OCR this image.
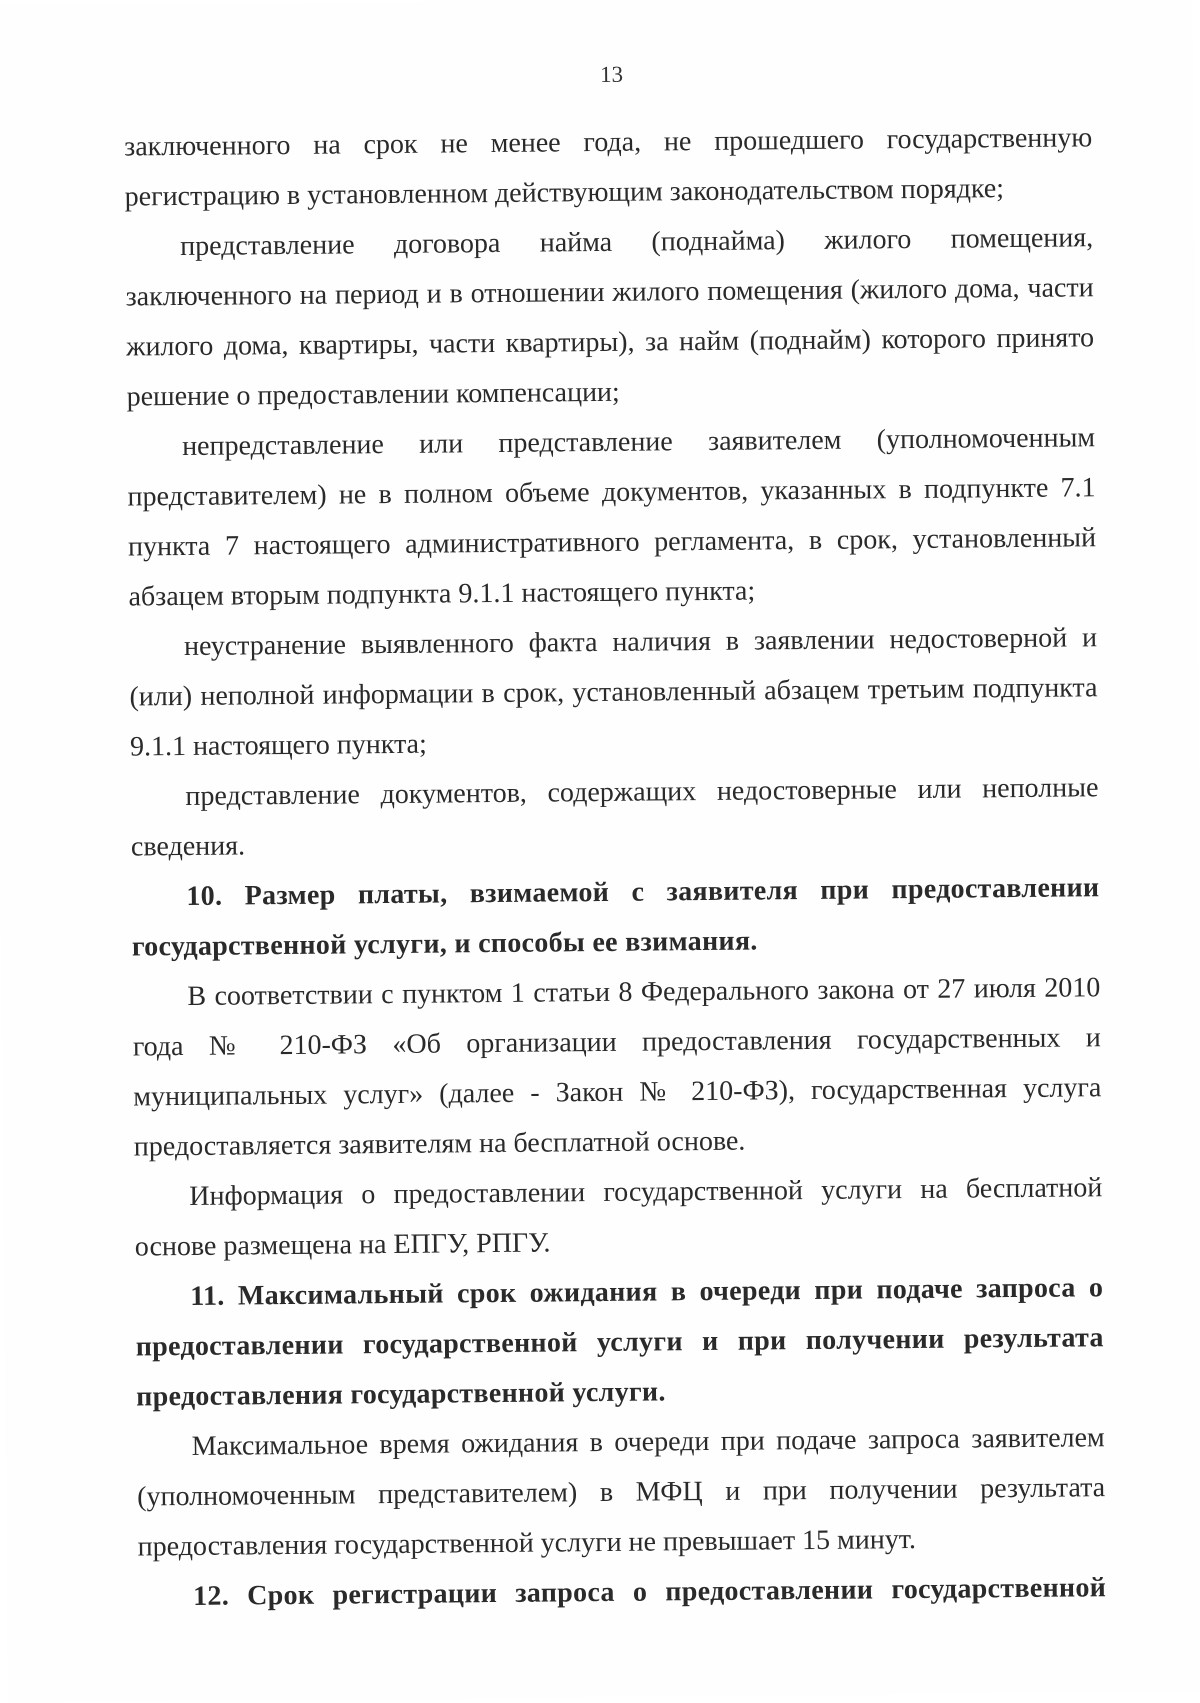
13

заключенного на срок не менее года, не прошедшего государственную регистрацию в установленном действующим законодательством порядке;

представление договора найма (поднайма) жилого помещения, заключенного на период и в отношении жилого помещения (жилого дома, части жилого дома, квартиры, части квартиры), за найм (поднайм) которого принято решение о предоставлении компенсации;

непредставление или представление заявителем (уполномоченным представителем) не в полном объеме документов, указанных в подпункте 7.1 пункта 7 настоящего административного регламента, в срок, установленный абзацем вторым подпункта 9.1.1 настоящего пункта;

неустранение выявленного факта наличия в заявлении недостоверной и (или) неполной информации в срок, установленный абзацем третьим подпункта 9.1.1 настоящего пункта;

представление документов, содержащих недостоверные или неполные сведения.

10. Размер платы, взимаемой с заявителя при предоставлении государственной услуги, и способы ее взимания.

В соответствии с пунктом 1 статьи 8 Федерального закона от 27 июля 2010 года № 210-ФЗ «Об организации предоставления государственных и муниципальных услуг» (далее - Закон № 210-ФЗ), государственная услуга предоставляется заявителям на бесплатной основе.

Информация о предоставлении государственной услуги на бесплатной основе размещена на ЕПГУ, РПГУ.

11. Максимальный срок ожидания в очереди при подаче запроса о предоставлении государственной услуги и при получении результата предоставления государственной услуги.

Максимальное время ожидания в очереди при подаче запроса заявителем (уполномоченным представителем) в МФЦ и при получении результата предоставления государственной услуги не превышает 15 минут.

12. Срок регистрации запроса о предоставлении государственной
